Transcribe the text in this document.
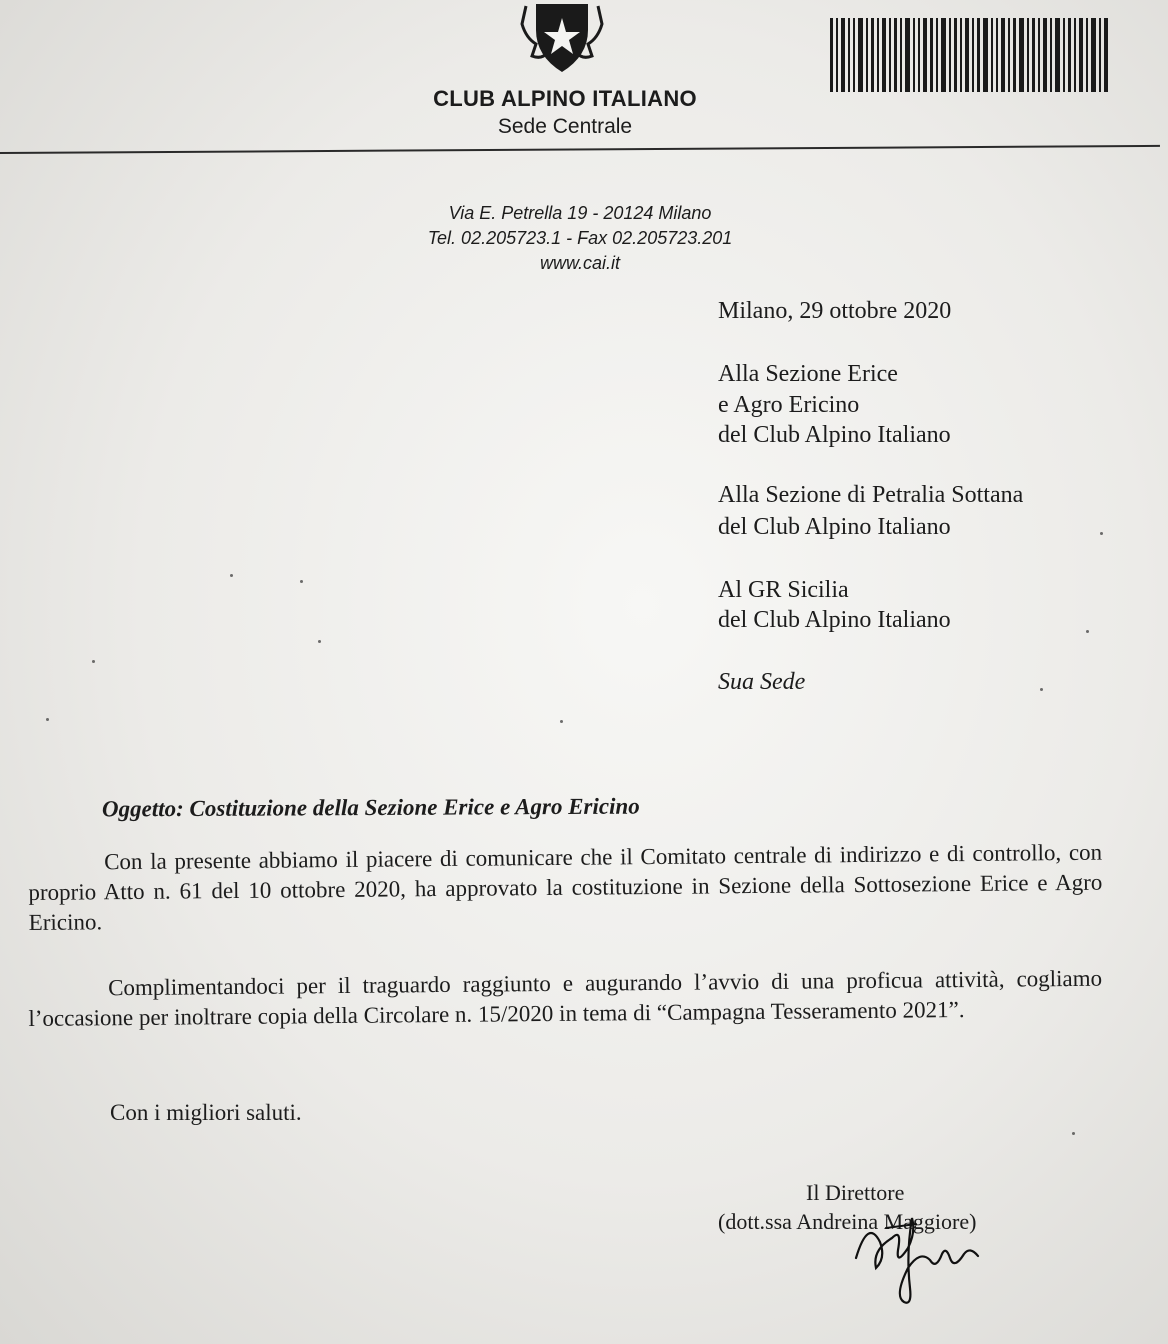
CLUB ALPINO ITALIANO
Sede Centrale
Via E. Petrella 19 - 20124 Milano
Tel. 02.205723.1 - Fax 02.205723.201
www.cai.it
Milano, 29 ottobre 2020
Alla Sezione Erice
e Agro Ericino
del Club Alpino Italiano
Alla Sezione di Petralia Sottana
del Club Alpino Italiano
Al GR Sicilia
del Club Alpino Italiano
Sua Sede
Oggetto: Costituzione della Sezione Erice e Agro Ericino
Con la presente abbiamo il piacere di comunicare che il Comitato centrale di indirizzo e di controllo, con proprio Atto n. 61 del 10 ottobre 2020, ha approvato la costituzione in Sezione della Sottosezione Erice e Agro Ericino.
Complimentandoci per il traguardo raggiunto e augurando l’avvio di una proficua attività, cogliamo l’occasione per inoltrare copia della Circolare n. 15/2020 in tema di “Campagna Tesseramento 2021”.
Con i migliori saluti.
Il Direttore
(dott.ssa Andreina Maggiore)
